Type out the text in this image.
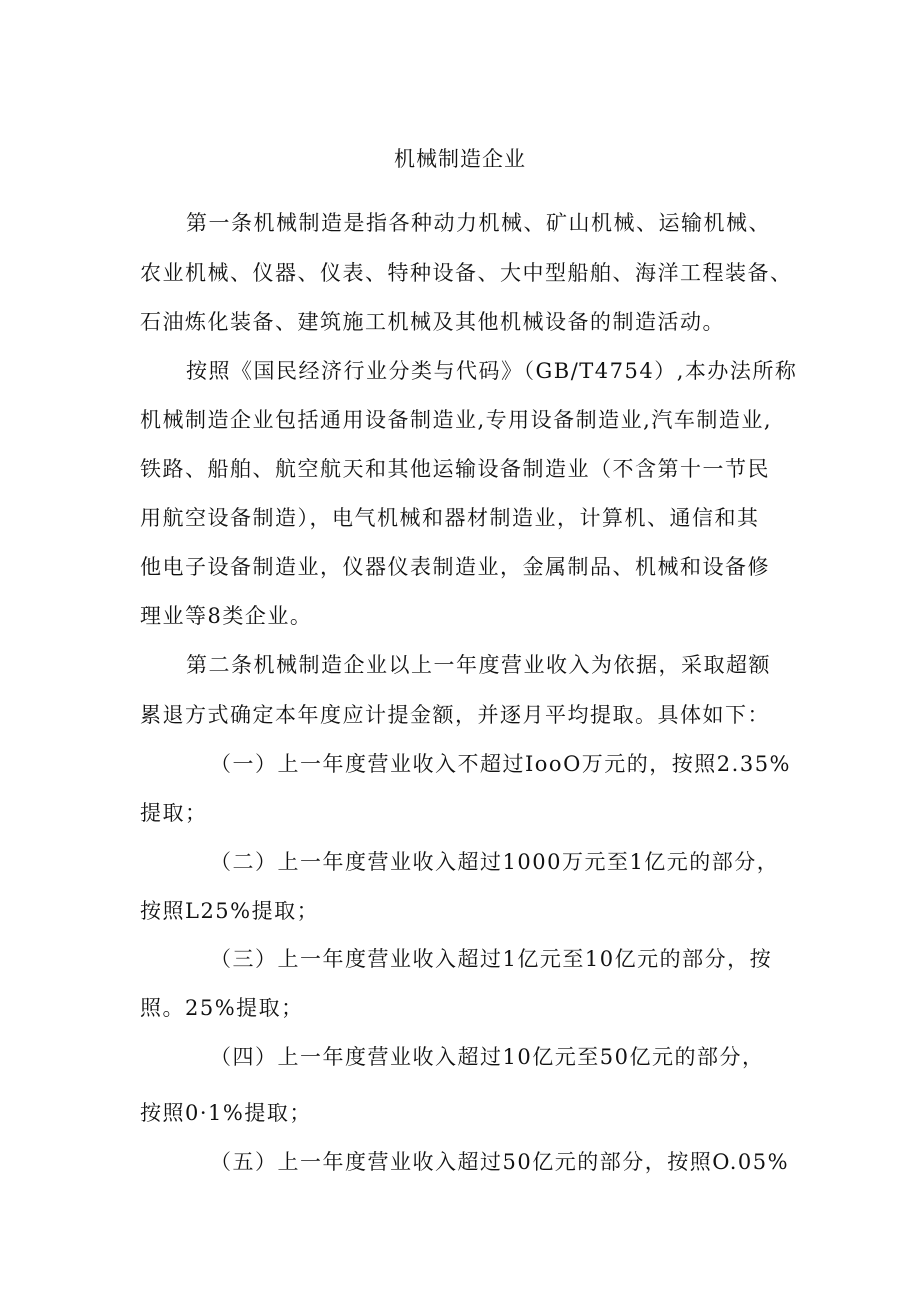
机械制造企业
第一条机械制造是指各种动力机械、矿山机械、运输机械、
农业机械、仪器、仪表、特种设备、大中型船舶、海洋工程装备、
石油炼化装备、建筑施工机械及其他机械设备的制造活动。
按照《国民经济行业分类与代码》（GB/T4754）,本办法所称
机械制造企业包括通用设备制造业,专用设备制造业,汽车制造业,
铁路、船舶、航空航天和其他运输设备制造业（不含第十一节民
用航空设备制造），电气机械和器材制造业，计算机、通信和其
他电子设备制造业，仪器仪表制造业，金属制品、机械和设备修
理业等8类企业。
第二条机械制造企业以上一年度营业收入为依据，采取超额
累退方式确定本年度应计提金额，并逐月平均提取。具体如下：
（一）上一年度营业收入不超过IooO万元的，按照2.35%
提取；
（二）上一年度营业收入超过1000万元至1亿元的部分，
按照L25%提取；
（三）上一年度营业收入超过1亿元至10亿元的部分，按
照。25%提取；
（四）上一年度营业收入超过10亿元至50亿元的部分，
按照0·1%提取；
（五）上一年度营业收入超过50亿元的部分，按照O.05%
